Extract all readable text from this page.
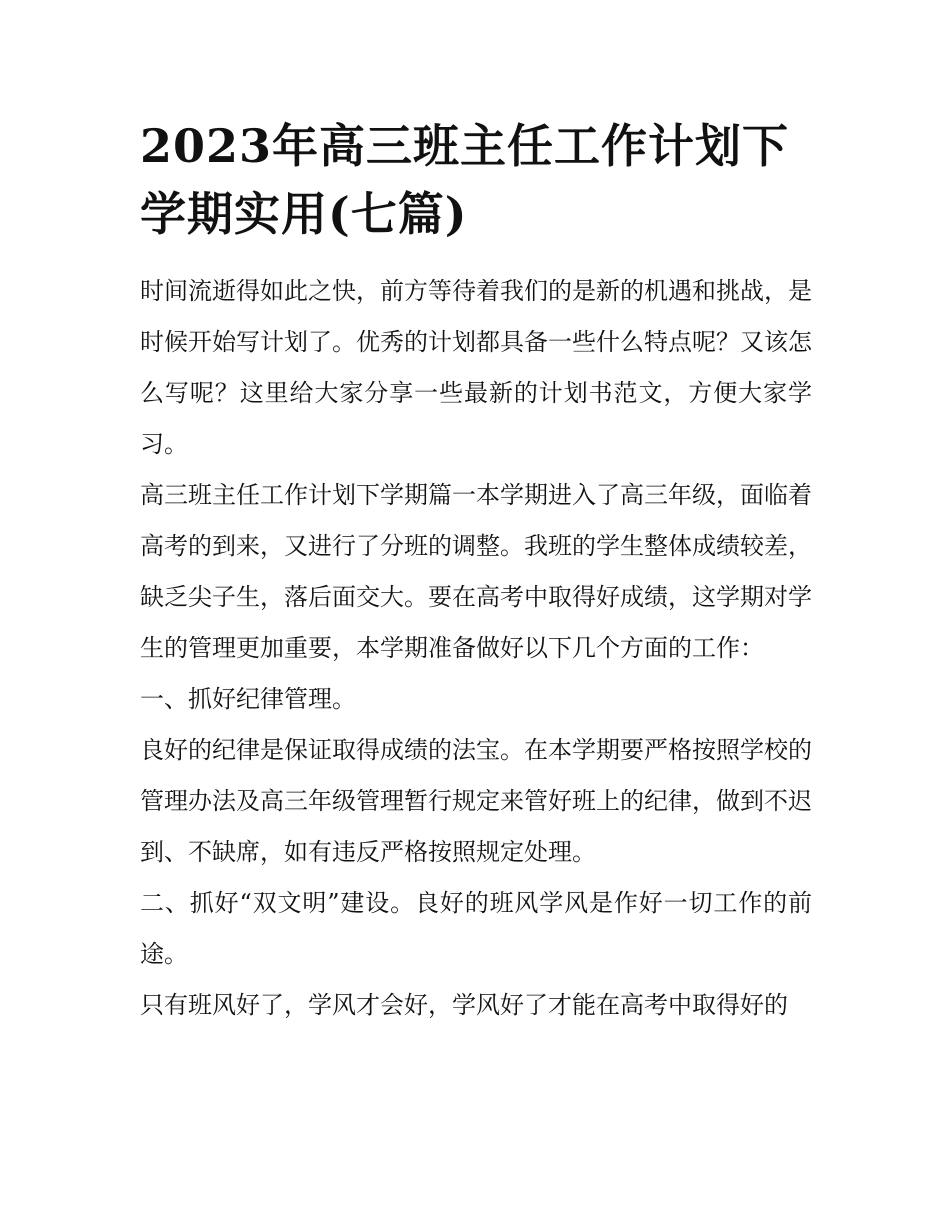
2023年高三班主任工作计划下学期实用(七篇)

时间流逝得如此之快，前方等待着我们的是新的机遇和挑战，是时候开始写计划了。优秀的计划都具备一些什么特点呢？又该怎么写呢？这里给大家分享一些最新的计划书范文，方便大家学习。

高三班主任工作计划下学期篇一本学期进入了高三年级，面临着高考的到来，又进行了分班的调整。我班的学生整体成绩较差，缺乏尖子生，落后面交大。要在高考中取得好成绩，这学期对学生的管理更加重要，本学期准备做好以下几个方面的工作：

一、抓好纪律管理。

良好的纪律是保证取得成绩的法宝。在本学期要严格按照学校的管理办法及高三年级管理暂行规定来管好班上的纪律，做到不迟到、不缺席，如有违反严格按照规定处理。

二、抓好“双文明”建设。良好的班风学风是作好一切工作的前途。

只有班风好了，学风才会好，学风好了才能在高考中取得好的
